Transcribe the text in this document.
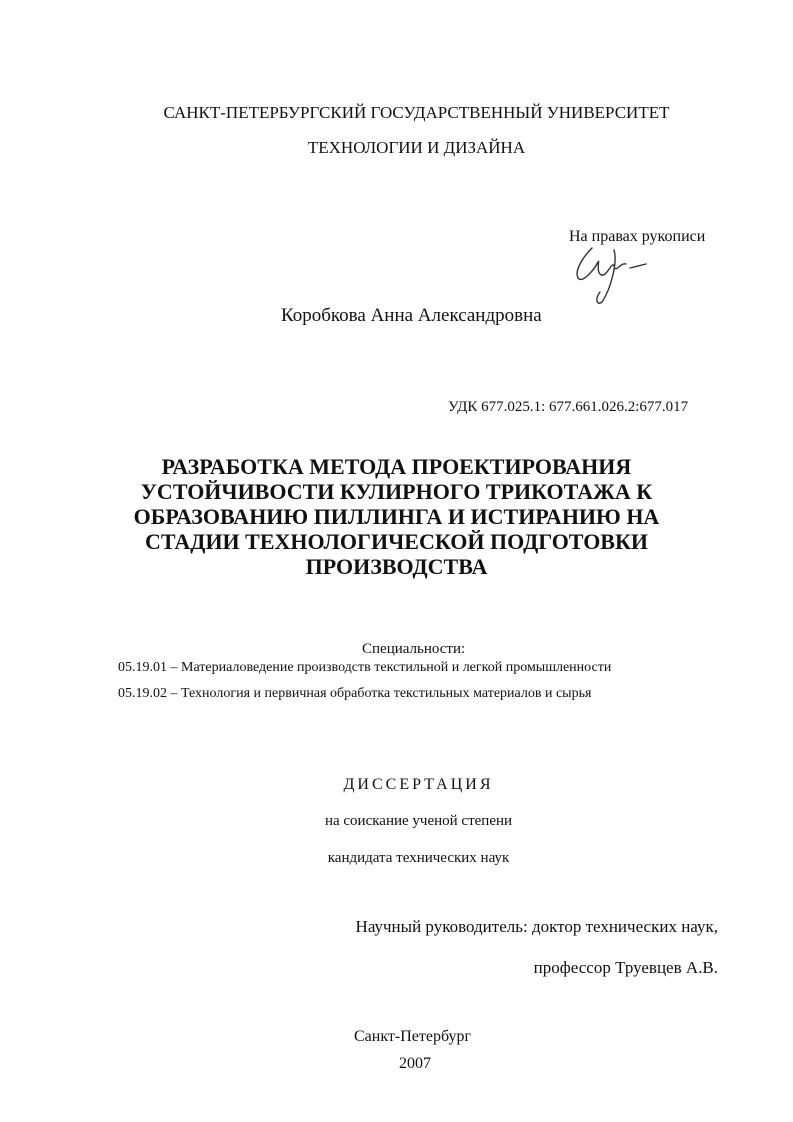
САНКТ-ПЕТЕРБУРГСКИЙ ГОСУДАРСТВЕННЫЙ УНИВЕРСИТЕТ
ТЕХНОЛОГИИ И ДИЗАЙНА
На правах рукописи
Коробкова Анна Александровна
УДК 677.025.1: 677.661.026.2:677.017
РАЗРАБОТКА МЕТОДА ПРОЕКТИРОВАНИЯ
УСТОЙЧИВОСТИ КУЛИРНОГО ТРИКОТАЖА К
ОБРАЗОВАНИЮ ПИЛЛИНГА И ИСТИРАНИЮ НА
СТАДИИ ТЕХНОЛОГИЧЕСКОЙ ПОДГОТОВКИ
ПРОИЗВОДСТВА
Специальности:
05.19.01 – Материаловедение производств текстильной и легкой промышленности
05.19.02 – Технология и первичная обработка текстильных материалов и сырья
ДИССЕРТАЦИЯ
на соискание ученой степени
кандидата технических наук
Научный руководитель: доктор технических наук,
профессор Труевцев А.В.
Санкт-Петербург
2007
